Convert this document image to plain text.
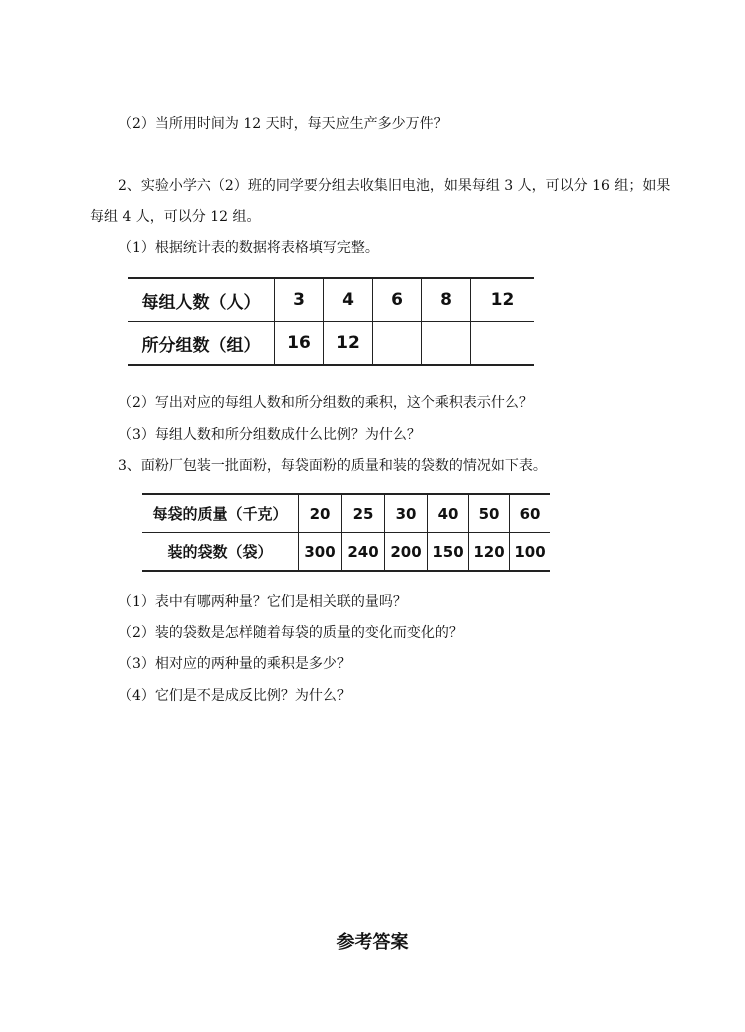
（2）当所用时间为 12 天时，每天应生产多少万件？
2、实验小学六（2）班的同学要分组去收集旧电池，如果每组 3 人，可以分 16 组；如果
每组 4 人，可以分 12 组。
（1）根据统计表的数据将表格填写完整。
每组人数（人）	3	4	6	8	12
所分组数（组）	16	12			
（2）写出对应的每组人数和所分组数的乘积，这个乘积表示什么？
（3）每组人数和所分组数成什么比例？为什么？
3、面粉厂包装一批面粉，每袋面粉的质量和装的袋数的情况如下表。
每袋的质量（千克）	20	25	30	40	50	60
装的袋数（袋）	300	240	200	150	120	100
（1）表中有哪两种量？它们是相关联的量吗？
（2）装的袋数是怎样随着每袋的质量的变化而变化的？
（3）相对应的两种量的乘积是多少？
（4）它们是不是成反比例？为什么？
参考答案
